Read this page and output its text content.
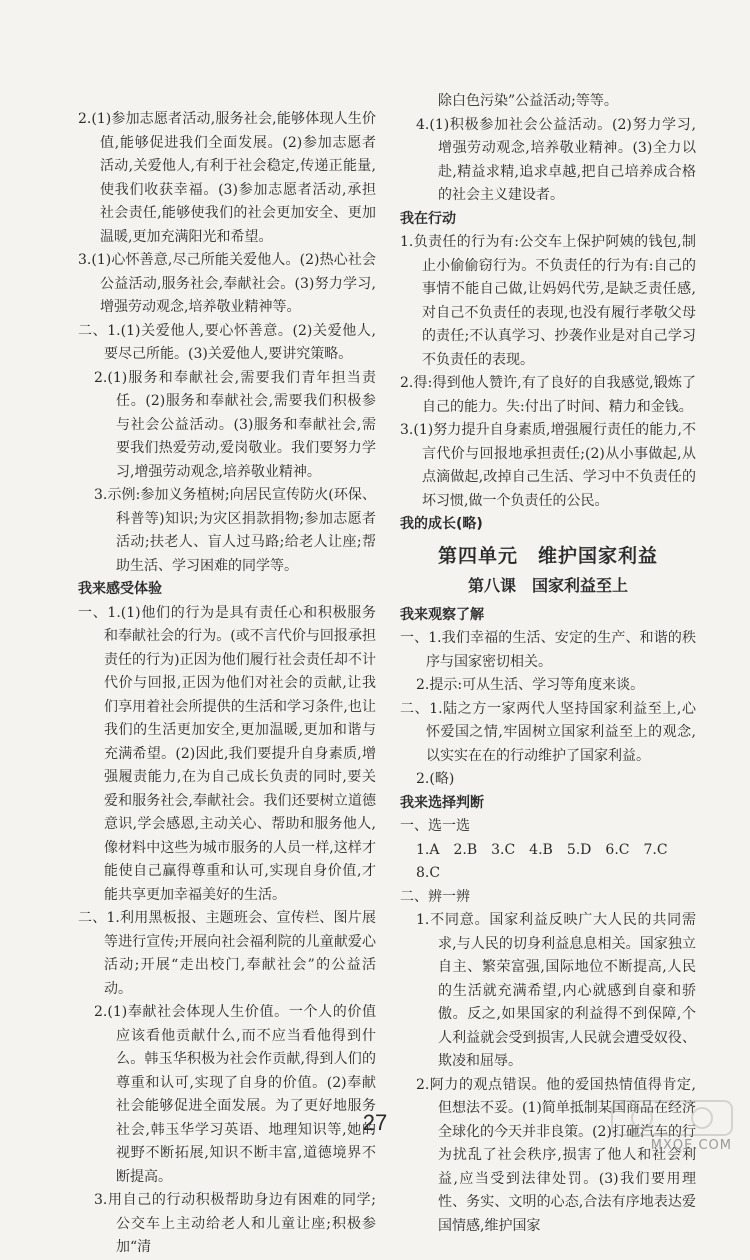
2.(1)参加志愿者活动,服务社会,能够体现人生价值,能够促进我们全面发展。(2)参加志愿者活动,关爱他人,有利于社会稳定,传递正能量,使我们收获幸福。(3)参加志愿者活动,承担社会责任,能够使我们的社会更加安全、更加温暖,更加充满阳光和希望。

3.(1)心怀善意,尽己所能关爱他人。(2)热心社会公益活动,服务社会,奉献社会。(3)努力学习,增强劳动观念,培养敬业精神等。

二、1.(1)关爱他人,要心怀善意。(2)关爱他人,要尽己所能。(3)关爱他人,要讲究策略。

2.(1)服务和奉献社会,需要我们青年担当责任。(2)服务和奉献社会,需要我们积极参与社会公益活动。(3)服务和奉献社会,需要我们热爱劳动,爱岗敬业。我们要努力学习,增强劳动观念,培养敬业精神。

3.示例:参加义务植树;向居民宣传防火(环保、科普等)知识;为灾区捐款捐物;参加志愿者活动;扶老人、盲人过马路;给老人让座;帮助生活、学习困难的同学等。

我来感受体验

一、1.(1)他们的行为是具有责任心和积极服务和奉献社会的行为。(或不言代价与回报承担责任的行为)正因为他们履行社会责任却不计代价与回报,正因为他们对社会的贡献,让我们享用着社会所提供的生活和学习条件,也让我们的生活更加安全,更加温暖,更加和谐与充满希望。(2)因此,我们要提升自身素质,增强履责能力,在为自己成长负责的同时,要关爱和服务社会,奉献社会。我们还要树立道德意识,学会感恩,主动关心、帮助和服务他人,像材料中这些为城市服务的人员一样,这样才能使自己赢得尊重和认可,实现自身价值,才能共享更加幸福美好的生活。

二、1.利用黑板报、主题班会、宣传栏、图片展等进行宣传;开展向社会福利院的儿童献爱心活动;开展“走出校门,奉献社会”的公益活动。

2.(1)奉献社会体现人生价值。一个人的价值应该看他贡献什么,而不应当看他得到什么。韩玉华积极为社会作贡献,得到人们的尊重和认可,实现了自身的价值。(2)奉献社会能够促进全面发展。为了更好地服务社会,韩玉华学习英语、地理知识等,她的视野不断拓展,知识不断丰富,道德境界不断提高。

3.用自己的行动积极帮助身边有困难的同学;公交车上主动给老人和儿童让座;积极参加“清

除白色污染”公益活动;等等。

4.(1)积极参加社会公益活动。(2)努力学习,增强劳动观念,培养敬业精神。(3)全力以赴,精益求精,追求卓越,把自己培养成合格的社会主义建设者。

我在行动

1.负责任的行为有:公交车上保护阿姨的钱包,制止小偷偷窃行为。不负责任的行为有:自己的事情不能自己做,让妈妈代劳,是缺乏责任感,对自己不负责任的表现,也没有履行孝敬父母的责任;不认真学习、抄袭作业是对自己学习不负责任的表现。

2.得:得到他人赞许,有了良好的自我感觉,锻炼了自己的能力。失:付出了时间、精力和金钱。

3.(1)努力提升自身素质,增强履行责任的能力,不言代价与回报地承担责任;(2)从小事做起,从点滴做起,改掉自己生活、学习中不负责任的坏习惯,做一个负责任的公民。

我的成长(略)

第四单元　维护国家利益
第八课　国家利益至上

我来观察了解

一、1.我们幸福的生活、安定的生产、和谐的秩序与国家密切相关。

2.提示:可从生活、学习等角度来谈。

二、1.陆之方一家两代人坚持国家利益至上,心怀爱国之情,牢固树立国家利益至上的观念,以实实在在的行动维护了国家利益。

2.(略)

我来选择判断

一、选一选

1.A　2.B　3.C　4.B　5.D　6.C　7.C

8.C

二、辨一辨

1.不同意。国家利益反映广大人民的共同需求,与人民的切身利益息息相关。国家独立自主、繁荣富强,国际地位不断提高,人民的生活就充满希望,内心就感到自豪和骄傲。反之,如果国家的利益得不到保障,个人利益就会受到损害,人民就会遭受奴役、欺凌和屈辱。

2.阿力的观点错误。他的爱国热情值得肯定,但想法不妥。(1)简单抵制某国商品在经济全球化的今天并非良策。(2)打砸汽车的行为扰乱了社会秩序,损害了他人和社会利益,应当受到法律处罚。(3)我们要用理性、务实、文明的心态,合法有序地表达爱国情感,维护国家

27
MXQE.COM
